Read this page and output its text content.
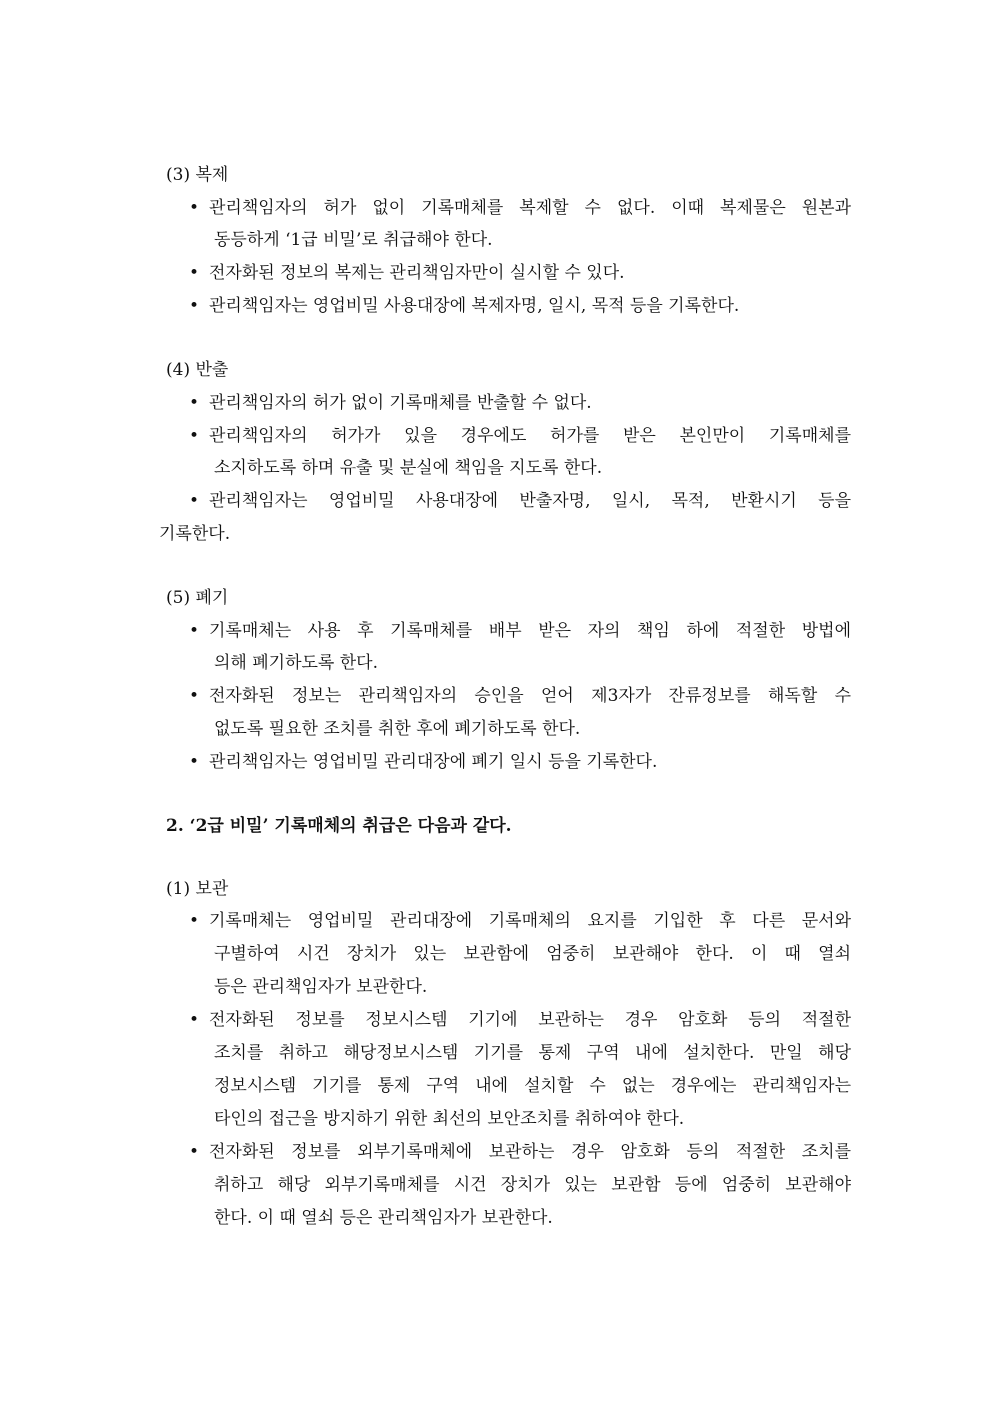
(3) 복제
• 관리책임자의 허가 없이 기록매체를 복제할 수 없다. 이때 복제물은 원본과
동등하게 ‘1급 비밀’로 취급해야 한다.
• 전자화된 정보의 복제는 관리책임자만이 실시할 수 있다.
• 관리책임자는 영업비밀 사용대장에 복제자명, 일시, 목적 등을 기록한다.
(4) 반출
• 관리책임자의 허가 없이 기록매체를 반출할 수 없다.
• 관리책임자의 허가가 있을 경우에도 허가를 받은 본인만이 기록매체를
소지하도록 하며 유출 및 분실에 책임을 지도록 한다.
• 관리책임자는 영업비밀 사용대장에 반출자명, 일시, 목적, 반환시기 등을
기록한다.
(5) 폐기
• 기록매체는 사용 후 기록매체를 배부 받은 자의 책임 하에 적절한 방법에
의해 폐기하도록 한다.
• 전자화된 정보는 관리책임자의 승인을 얻어 제3자가 잔류정보를 해독할 수
없도록 필요한 조치를 취한 후에 폐기하도록 한다.
• 관리책임자는 영업비밀 관리대장에 폐기 일시 등을 기록한다.
2. ‘2급 비밀’ 기록매체의 취급은 다음과 같다.
(1) 보관
• 기록매체는 영업비밀 관리대장에 기록매체의 요지를 기입한 후 다른 문서와
구별하여 시건 장치가 있는 보관함에 엄중히 보관해야 한다. 이 때 열쇠
등은 관리책임자가 보관한다.
• 전자화된 정보를 정보시스템 기기에 보관하는 경우 암호화 등의 적절한
조치를 취하고 해당정보시스템 기기를 통제 구역 내에 설치한다. 만일 해당
정보시스템 기기를 통제 구역 내에 설치할 수 없는 경우에는 관리책임자는
타인의 접근을 방지하기 위한 최선의 보안조치를 취하여야 한다.
• 전자화된 정보를 외부기록매체에 보관하는 경우 암호화 등의 적절한 조치를
취하고 해당 외부기록매체를 시건 장치가 있는 보관함 등에 엄중히 보관해야
한다. 이 때 열쇠 등은 관리책임자가 보관한다.
